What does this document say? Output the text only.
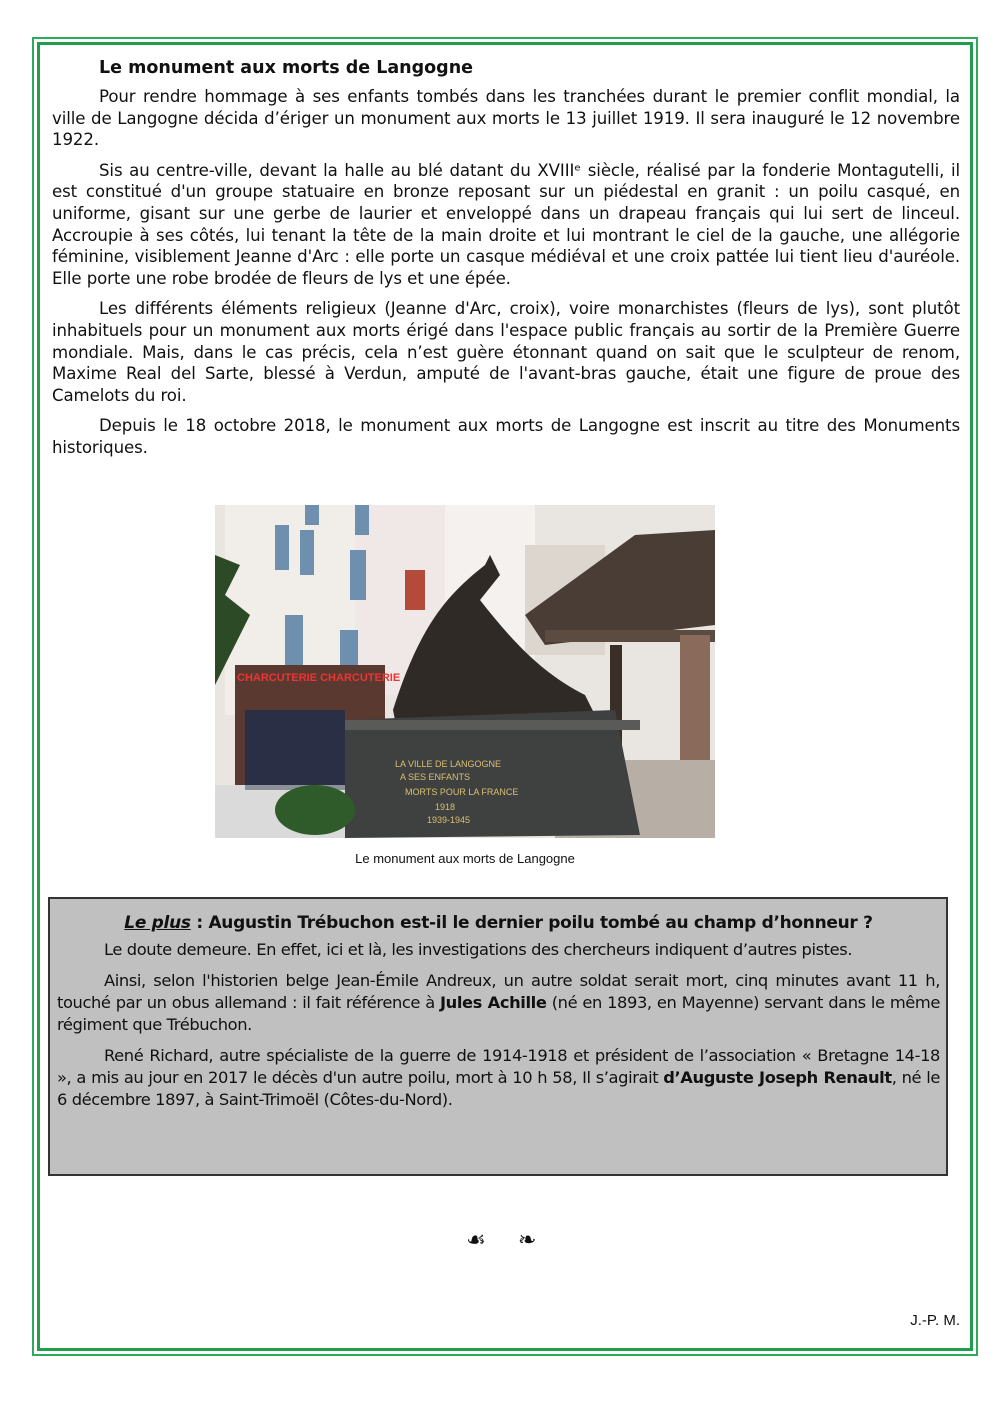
Le monument aux morts de Langogne

Pour rendre hommage à ses enfants tombés dans les tranchées durant le premier conflit mondial, la ville de Langogne décida d’ériger un monument aux morts le 13 juillet 1919. Il sera inauguré le 12 novembre 1922.

Sis au centre-ville, devant la halle au blé datant du XVIIIᵉ siècle, réalisé par la fonderie Montagutelli, il est constitué d'un groupe statuaire en bronze reposant sur un piédestal en granit : un poilu casqué, en uniforme, gisant sur une gerbe de laurier et enveloppé dans un drapeau français qui lui sert de linceul. Accroupie à ses côtés, lui tenant la tête de la main droite et lui montrant le ciel de la gauche, une allégorie féminine, visiblement Jeanne d'Arc : elle porte un casque médiéval et une croix pattée lui tient lieu d'auréole. Elle porte une robe brodée de fleurs de lys et une épée.

Les différents éléments religieux (Jeanne d'Arc, croix), voire monarchistes (fleurs de lys), sont plutôt inhabituels pour un monument aux morts érigé dans l'espace public français au sortir de la Première Guerre mondiale. Mais, dans le cas précis, cela n’est guère étonnant quand on sait que le sculpteur de renom, Maxime Real del Sarte, blessé à Verdun, amputé de l'avant-bras gauche, était une figure de proue des Camelots du roi.

Depuis le 18 octobre 2018, le monument aux morts de Langogne est inscrit au titre des Monuments historiques.

CHARCUTERIE CHARCUTERIE
LA VILLE DE LANGOGNE
A SES ENFANTS
MORTS POUR LA FRANCE
1918
1939-1945
Le monument aux morts de Langogne
Le plus : Augustin Trébuchon est-il le dernier poilu tombé au champ d’honneur ?

Le doute demeure. En effet, ici et là, les investigations des chercheurs indiquent d’autres pistes.

Ainsi, selon l'historien belge Jean-Émile Andreux, un autre soldat serait mort, cinq minutes avant 11 h, touché par un obus allemand : il fait référence à Jules Achille (né en 1893, en Mayenne) servant dans le même régiment que Trébuchon.

René Richard, autre spécialiste de la guerre de 1914-1918 et président de l’association « Bretagne 14-18 », a mis au jour en 2017 le décès d'un autre poilu, mort à 10 h 58, Il s’agirait d’Auguste Joseph Renault, né le 6 décembre 1897, à Saint-Trimoël (Côtes-du-Nord).

☙ ❧
J.-P. M.
